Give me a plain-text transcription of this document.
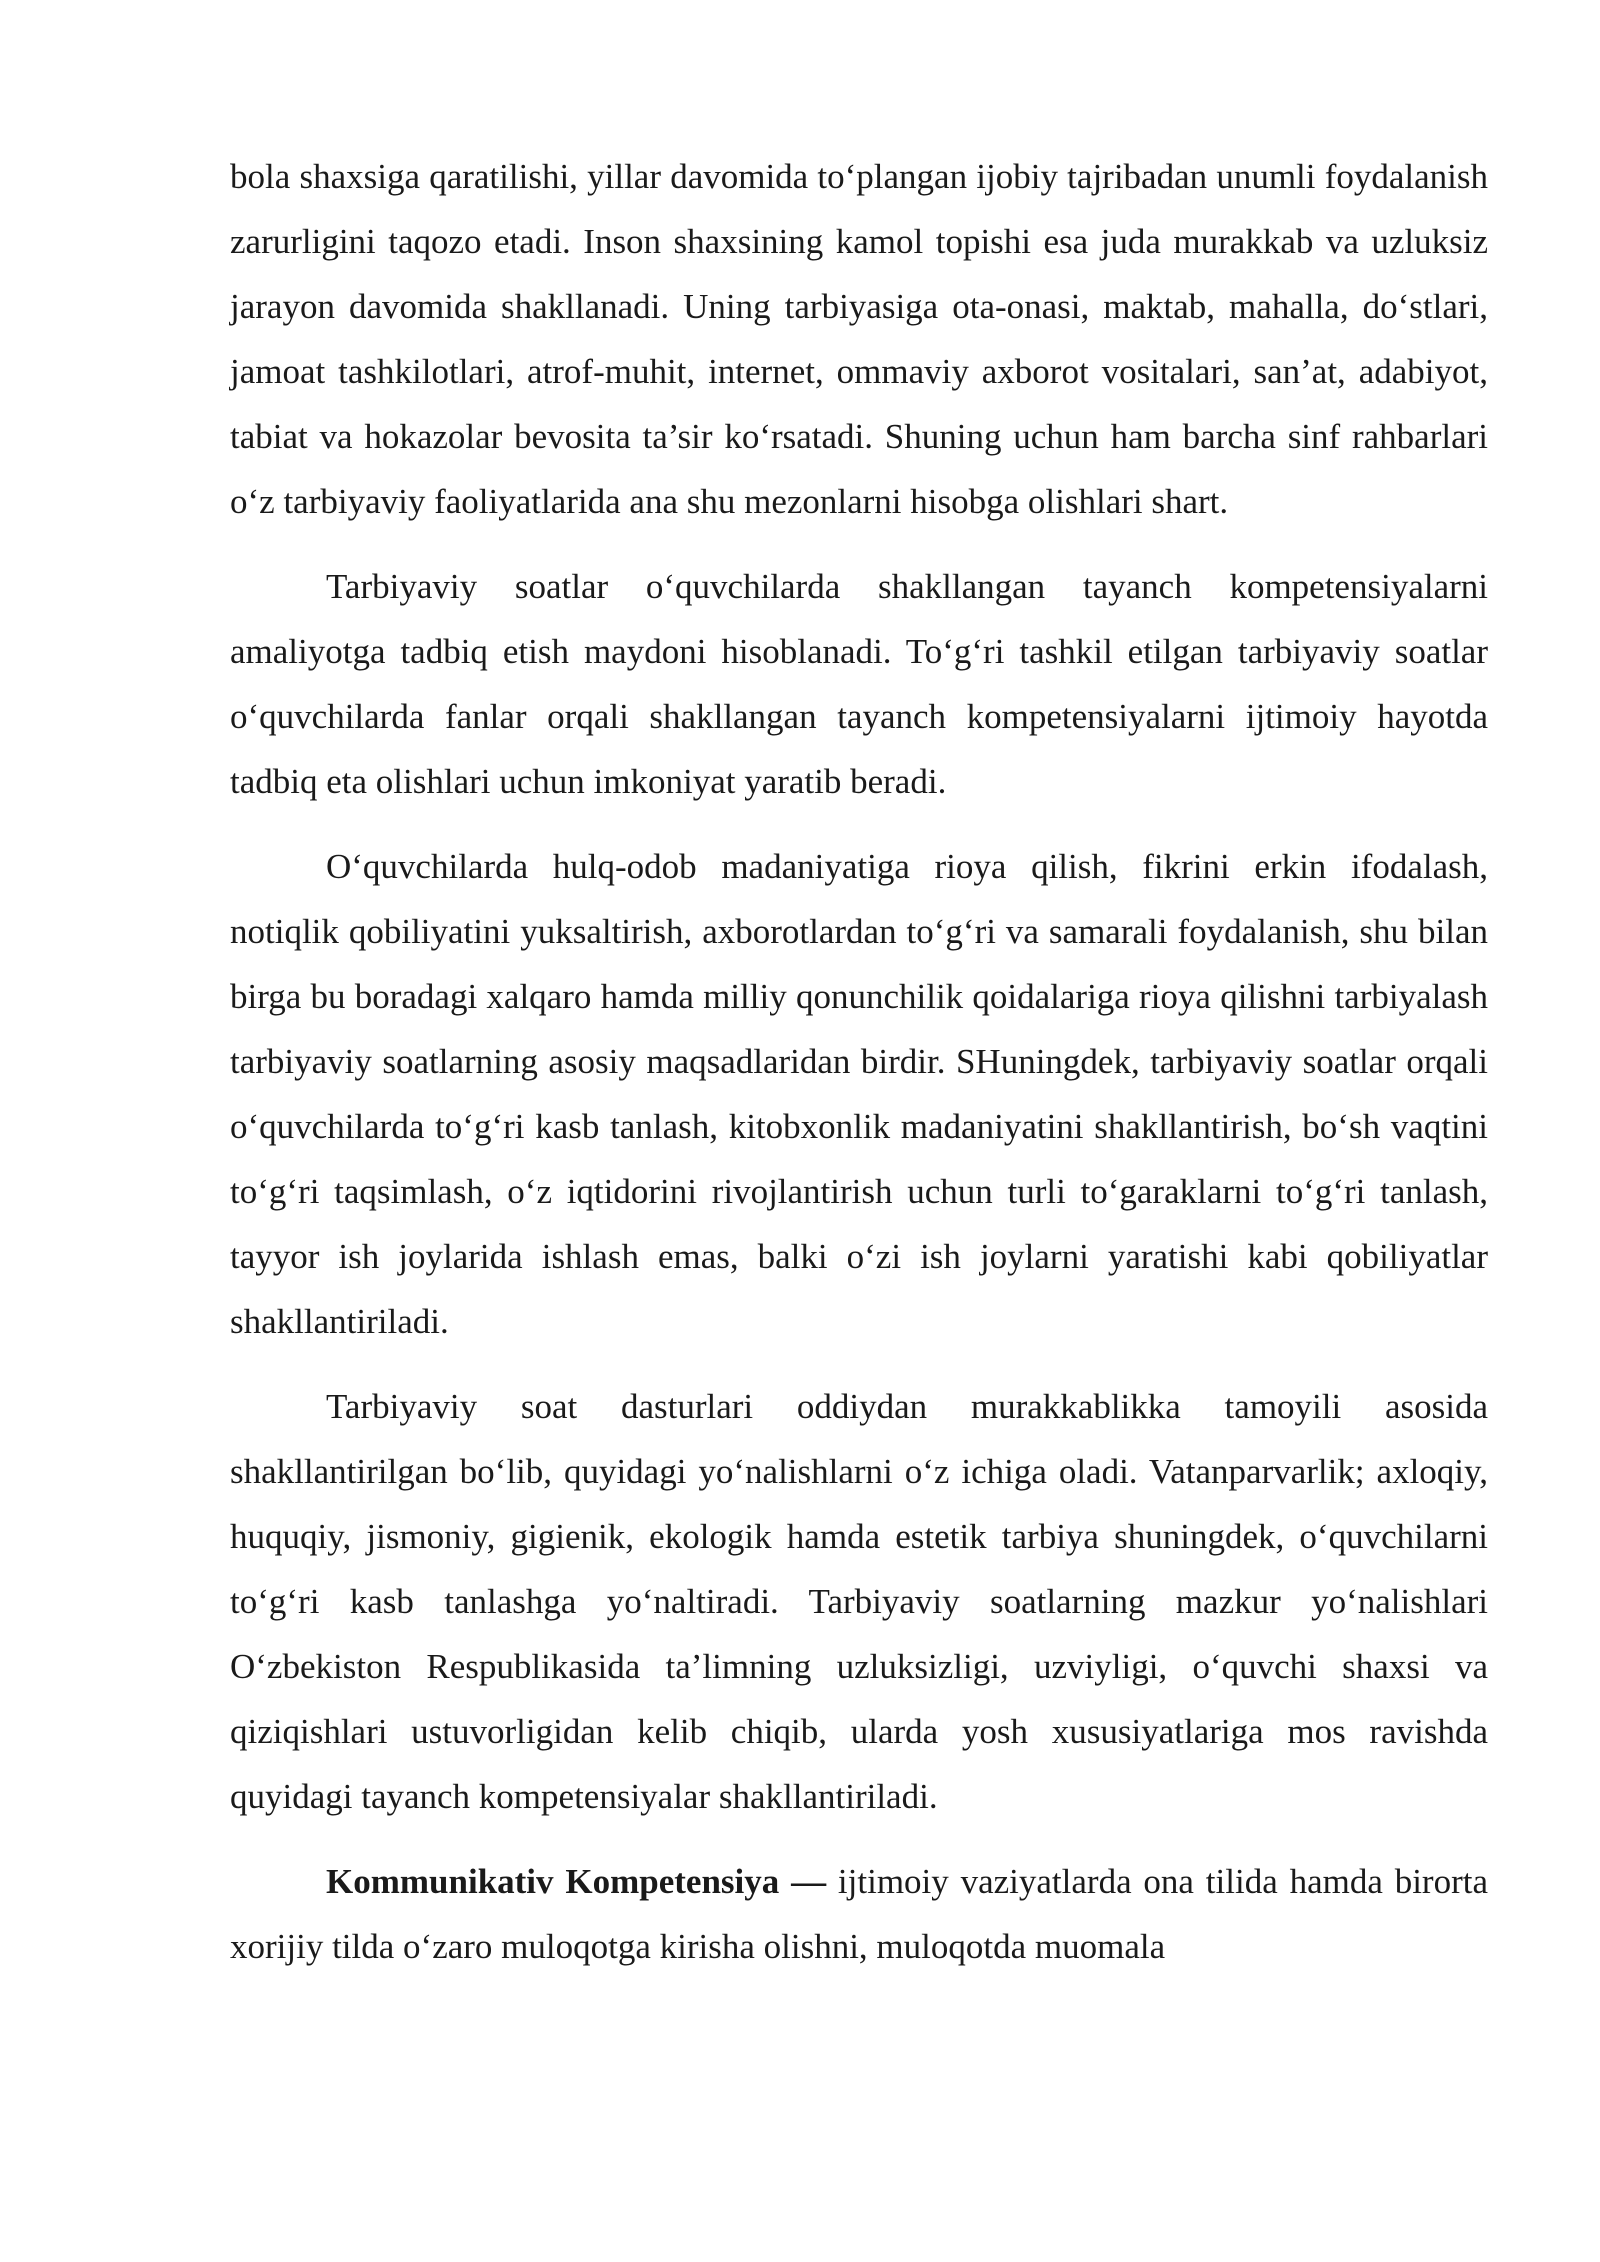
bola shaxsiga qaratilishi, yillar davomida to‘plangan ijobiy tajribadan unumli foydalanish zarurligini taqozo etadi. Inson shaxsining kamol topishi esa juda murakkab va uzluksiz jarayon davomida shakllanadi. Uning tarbiyasiga ota-onasi, maktab, mahalla, do‘stlari, jamoat tashkilotlari, atrof-muhit, internet, ommaviy axborot vositalari, san’at, adabiyot, tabiat va hokazolar bevosita ta’sir ko‘rsatadi. Shuning uchun ham barcha sinf rahbarlari o‘z tarbiyaviy faoliyatlarida ana shu mezonlarni hisobga olishlari shart.

Tarbiyaviy soatlar o‘quvchilarda shakllangan tayanch kompetensiyalarni amaliyotga tadbiq etish maydoni hisoblanadi. To‘g‘ri tashkil etilgan tarbiyaviy soatlar o‘quvchilarda fanlar orqali shakllangan tayanch kompetensiyalarni ijtimoiy hayotda tadbiq eta olishlari uchun imkoniyat yaratib beradi.

O‘quvchilarda hulq-odob madaniyatiga rioya qilish, fikrini erkin ifodalash, notiqlik qobiliyatini yuksaltirish, axborotlardan to‘g‘ri va samarali foydalanish, shu bilan birga bu boradagi xalqaro hamda milliy qonunchilik qoidalariga rioya qilishni tarbiyalash tarbiyaviy soatlarning asosiy maqsadlaridan birdir. SHuningdek, tarbiyaviy soatlar orqali o‘quvchilarda to‘g‘ri kasb tanlash, kitobxonlik madaniyatini shakllantirish, bo‘sh vaqtini to‘g‘ri taqsimlash, o‘z iqtidorini rivojlantirish uchun turli to‘garaklarni to‘g‘ri tanlash, tayyor ish joylarida ishlash emas, balki o‘zi ish joylarni yaratishi kabi qobiliyatlar shakllantiriladi.

Tarbiyaviy soat dasturlari oddiydan murakkablikka tamoyili asosida shakllantirilgan bo‘lib, quyidagi yo‘nalishlarni o‘z ichiga oladi. Vatanparvarlik; axloqiy, huquqiy, jismoniy, gigienik, ekologik hamda estetik tarbiya shuningdek, o‘quvchilarni to‘g‘ri kasb tanlashga yo‘naltiradi. Tarbiyaviy soatlarning mazkur yo‘nalishlari O‘zbekiston Respublikasida ta’limning uzluksizligi, uzviyligi, o‘quvchi shaxsi va qiziqishlari ustuvorligidan kelib chiqib, ularda yosh xususiyatlariga mos ravishda quyidagi tayanch kompetensiyalar shakllantiriladi.

Kommunikativ Kompetensiya — ijtimoiy vaziyatlarda ona tilida hamda birorta xorijiy tilda o‘zaro muloqotga kirisha olishni, muloqotda muomala
